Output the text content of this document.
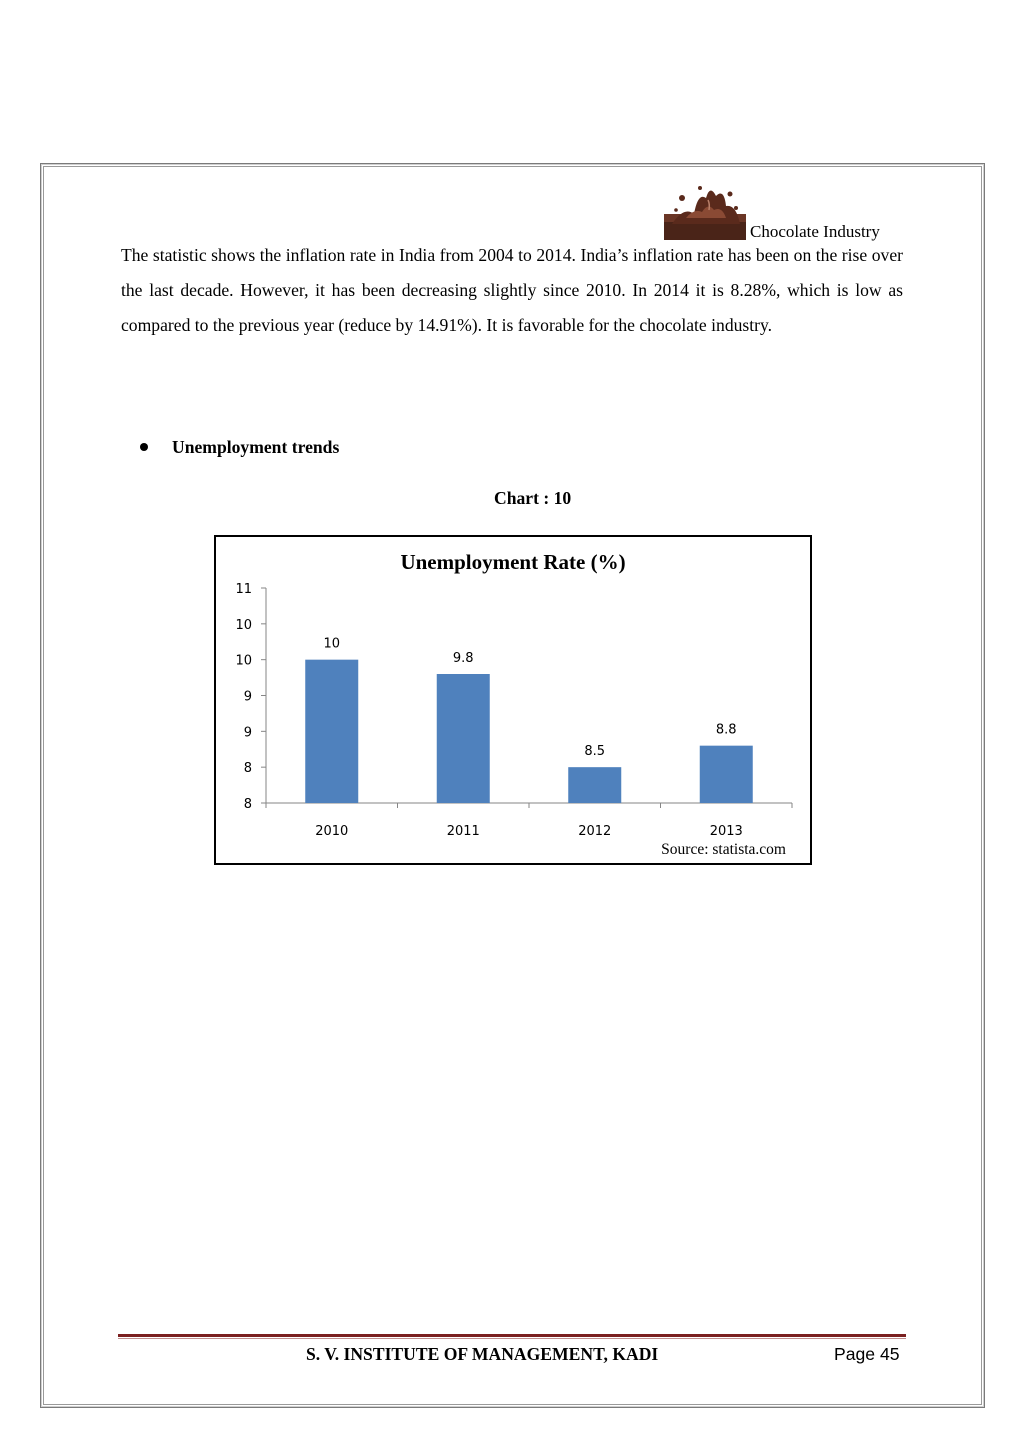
Chocolate Industry

The statistic shows the inflation rate in India from 2004 to 2014. India’s inflation rate has been on the rise over the last decade. However, it has been decreasing slightly since 2010. In 2014 it is 8.28%, which is low as compared to the previous year (reduce by 14.91%). It is favorable for the chocolate industry.

Unemployment trends
Chart : 10
Unemployment Rate (%)
11
10
10
9
9
8
8
10
2010
9.8
2011
8.5
2012
8.8
2013
Source: statista.com
S. V. INSTITUTE OF MANAGEMENT, KADI	Page 45
